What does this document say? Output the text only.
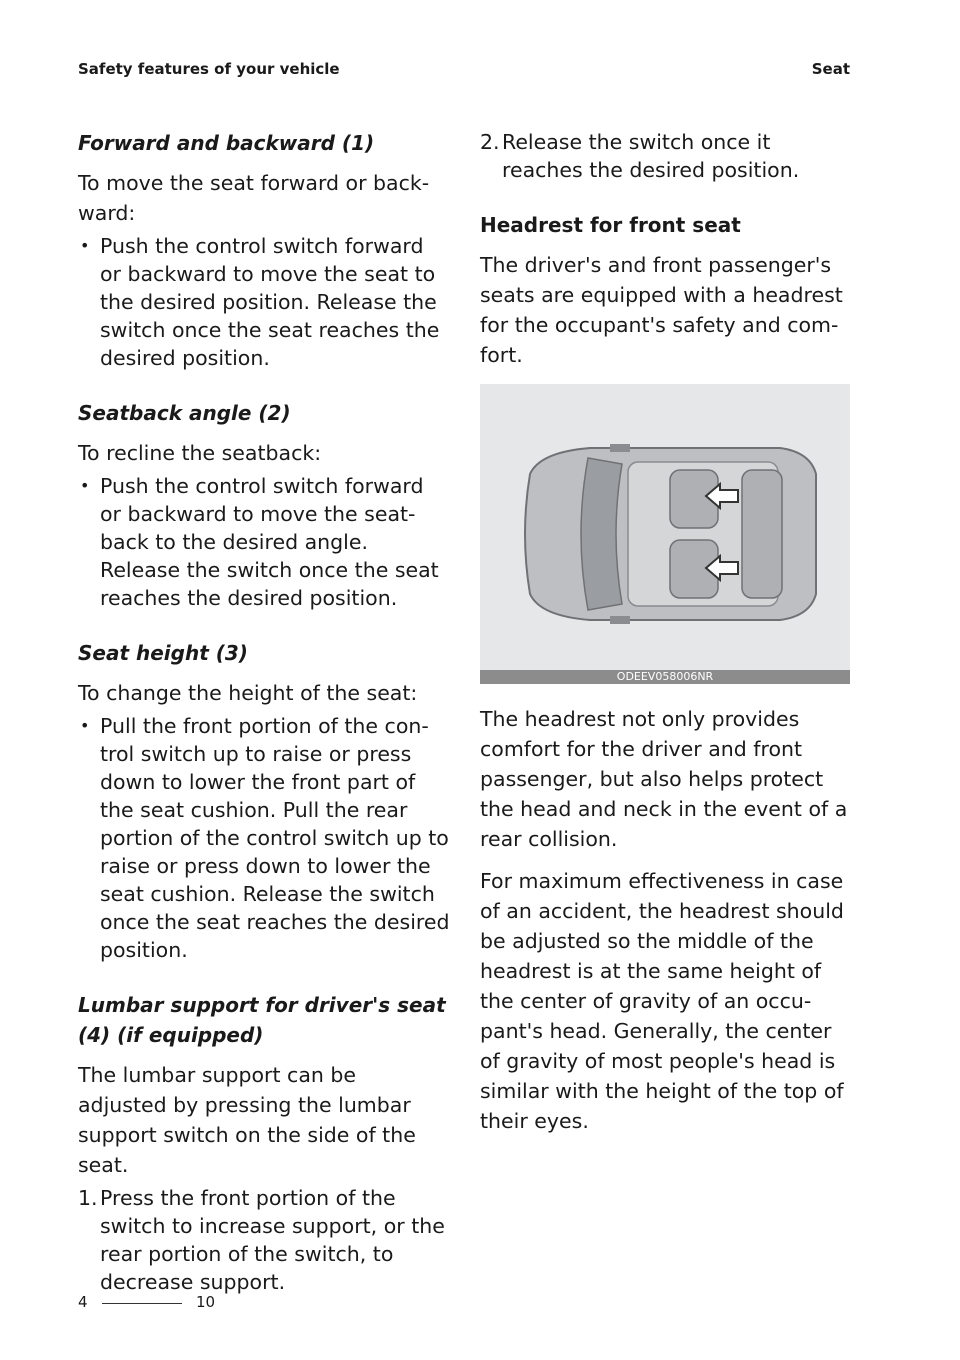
Safety features of your vehicle	Seat
Forward and backward (1)

To move the seat forward or back-ward:

• Push the control switch forward or backward to move the seat to the desired position. Release the switch once the seat reaches the desired position.
Seatback angle (2)

To recline the seatback:

• Push the control switch forward or backward to move the seat-back to the desired angle. Release the switch once the seat reaches the desired position.
Seat height (3)

To change the height of the seat:

• Pull the front portion of the con-trol switch up to raise or press down to lower the front part of the seat cushion. Pull the rear portion of the control switch up to raise or press down to lower the seat cushion. Release the switch once the seat reaches the desired position.
Lumbar support for driver's seat (4) (if equipped)

The lumbar support can be adjusted by pressing the lumbar support switch on the side of the seat.

1. Press the front portion of the switch to increase support, or the rear portion of the switch, to decrease support.
2. Release the switch once it reaches the desired position.
Headrest for front seat

The driver's and front passenger's seats are equipped with a headrest for the occupant's safety and com-fort.

ODEEV058006NR

The headrest not only provides comfort for the driver and front passenger, but also helps protect the head and neck in the event of a rear collision.

For maximum effectiveness in case of an accident, the headrest should be adjusted so the middle of the headrest is at the same height of the center of gravity of an occu-pant's head. Generally, the center of gravity of most people's head is similar with the height of the top of their eyes.

4	10
